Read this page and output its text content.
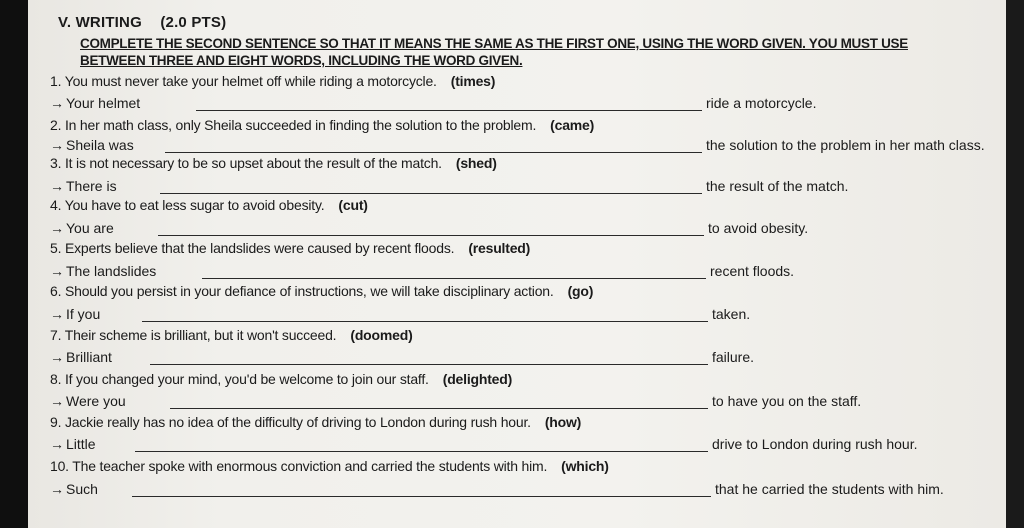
V. WRITING (2.0 PTS)
COMPLETE THE SECOND SENTENCE SO THAT IT MEANS THE SAME AS THE FIRST ONE, USING THE WORD GIVEN. YOU MUST USE
BETWEEN THREE AND EIGHT WORDS, INCLUDING THE WORD GIVEN.
1. You must never take your helmet off while riding a motorcycle. (times)
→ Your helmet	ride a motorcycle.
2. In her math class, only Sheila succeeded in finding the solution to the problem. (came)
→ Sheila was	the solution to the problem in her math class.
3. It is not necessary to be so upset about the result of the match. (shed)
→ There is	the result of the match.
4. You have to eat less sugar to avoid obesity. (cut)
→ You are	to avoid obesity.
5. Experts believe that the landslides were caused by recent floods. (resulted)
→ The landslides	recent floods.
6. Should you persist in your defiance of instructions, we will take disciplinary action. (go)
→ If you	taken.
7. Their scheme is brilliant, but it won't succeed. (doomed)
→ Brilliant	failure.
8. If you changed your mind, you'd be welcome to join our staff. (delighted)
→ Were you	to have you on the staff.
9. Jackie really has no idea of the difficulty of driving to London during rush hour. (how)
→ Little	drive to London during rush hour.
10. The teacher spoke with enormous conviction and carried the students with him. (which)
→ Such	that he carried the students with him.
